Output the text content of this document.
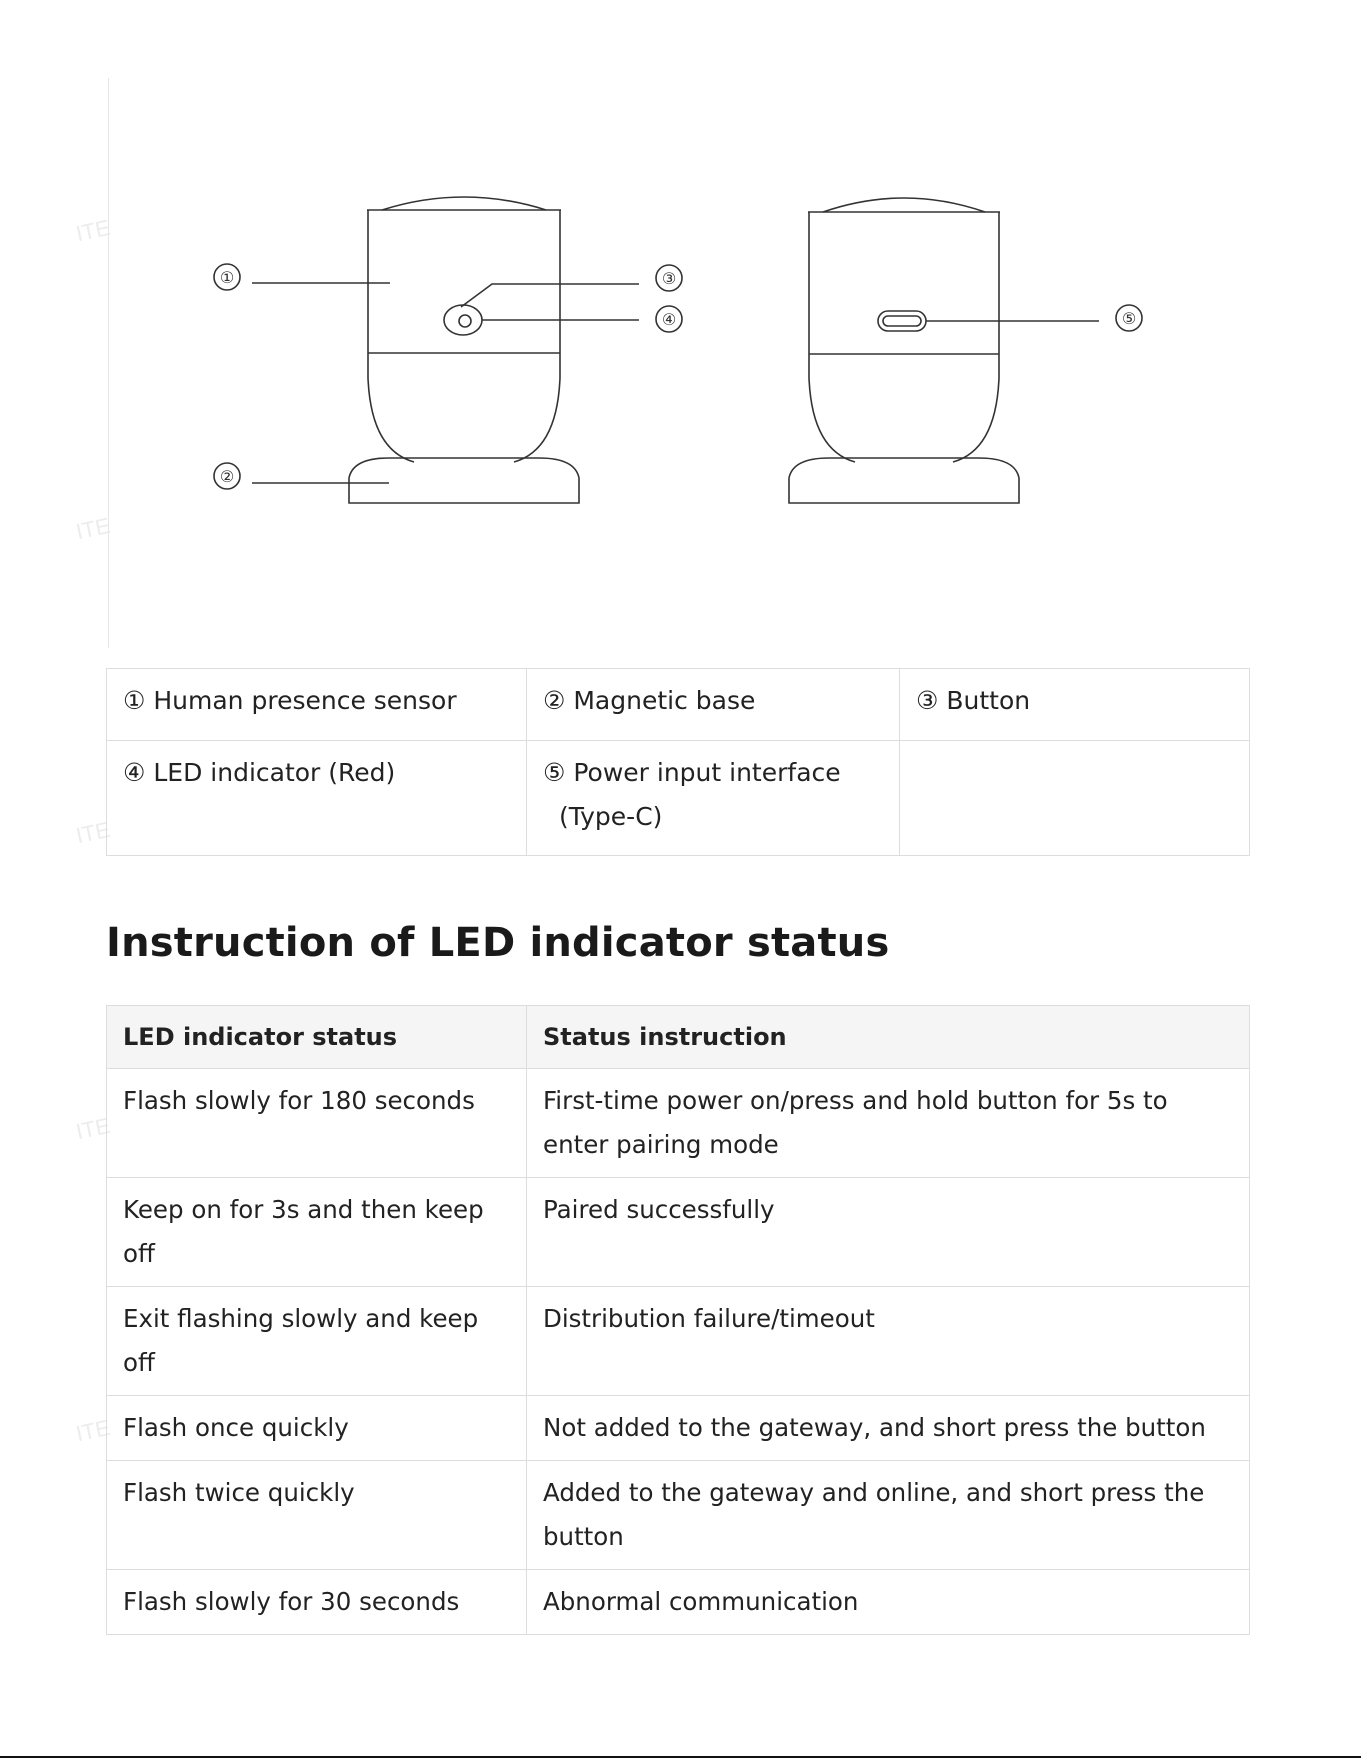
ITE
ITE
ITE
ITE
ITE
①
②
③
④	⑤
① Human presence sensor	② Magnetic base	③ Button
④ LED indicator (Red)	⑤ Power input interface
(Type-C)	

Instruction of LED indicator status
LED indicator status	Status instruction
Flash slowly for 180 seconds	First-time power on/press and hold button for 5s to enter pairing mode
Keep on for 3s and then keep off	Paired successfully
Exit flashing slowly and keep off	Distribution failure/timeout
Flash once quickly	Not added to the gateway, and short press the button
Flash twice quickly	Added to the gateway and online, and short press the button
Flash slowly for 30 seconds	Abnormal communication
